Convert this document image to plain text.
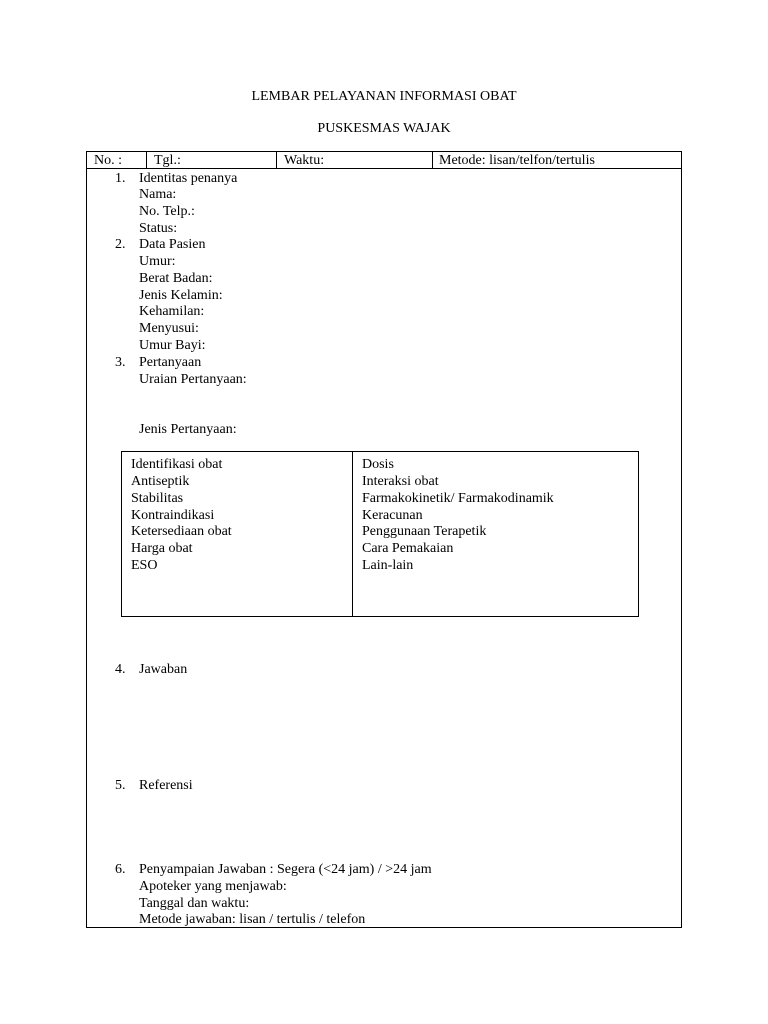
LEMBAR PELAYANAN INFORMASI OBAT
PUSKESMAS WAJAK
No. : Tgl.:	Waktu:	Metode: lisan/telfon/tertulis
1. Identitas penanya
Nama:
No. Telp.:
Status:
2. Data Pasien
Umur:
Berat Badan:
Jenis Kelamin:
Kehamilan:
Menyusui:
Umur Bayi:
3. Pertanyaan
Uraian Pertanyaan:
Jenis Pertanyaan:
Identifikasi obat
Antiseptik
Stabilitas
Kontraindikasi
Ketersediaan obat
Harga obat
ESO
Dosis
Interaksi obat
Farmakokinetik/ Farmakodinamik
Keracunan
Penggunaan Terapetik
Cara Pemakaian
Lain-lain
4. Jawaban
5. Referensi
6. Penyampaian Jawaban : Segera (<24 jam) / >24 jam
Apoteker yang menjawab:
Tanggal dan waktu:
Metode jawaban: lisan / tertulis / telefon
